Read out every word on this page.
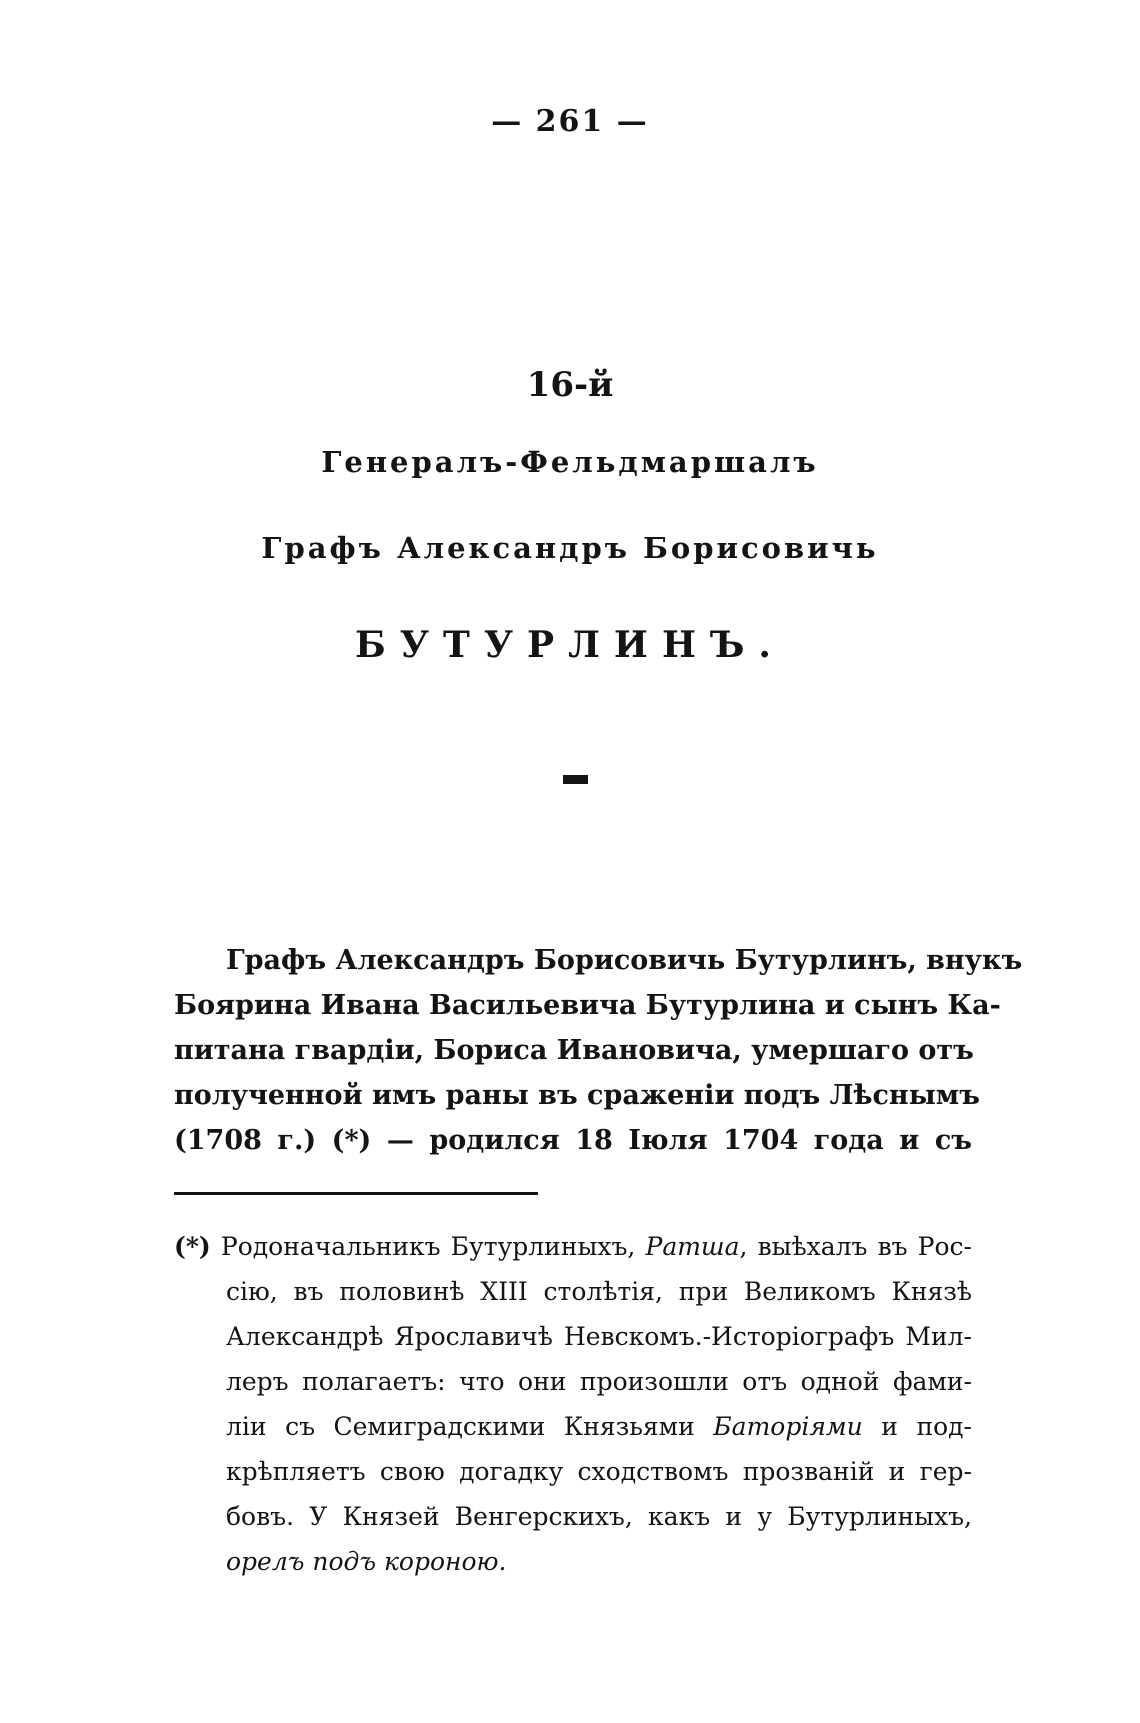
— 261 —
16-й
Генералъ-Фельдмаршалъ
Графъ Александръ Борисовичь
БУТУРЛИНЪ.
Графъ Александръ Борисовичь Бутурлинъ, внукъ
Боярина Ивана Васильевича Бутурлина и сынъ Ка-
питана гвардіи, Бориса Ивановича, умершаго отъ
полученной имъ раны въ сраженіи подъ Лѣснымъ
(1708 г.) (*) — родился 18 Іюля 1704 года и съ
(*) Родоначальникъ Бутурлиныхъ, Ратша, выѣхалъ въ Рос-
сію, въ половинѣ XIII столѣтія, при Великомъ Князѣ
Александрѣ Ярославичѣ Невскомъ.-Исторіографъ Мил-
леръ полагаетъ: что они произошли отъ одной фами-
ліи съ Семиградскими Князьями Баторіями и под-
крѣпляетъ свою догадку сходствомъ прозваній и гер-
бовъ. У Князей Венгерскихъ, какъ и у Бутурлиныхъ,
орелъ подъ короною.
